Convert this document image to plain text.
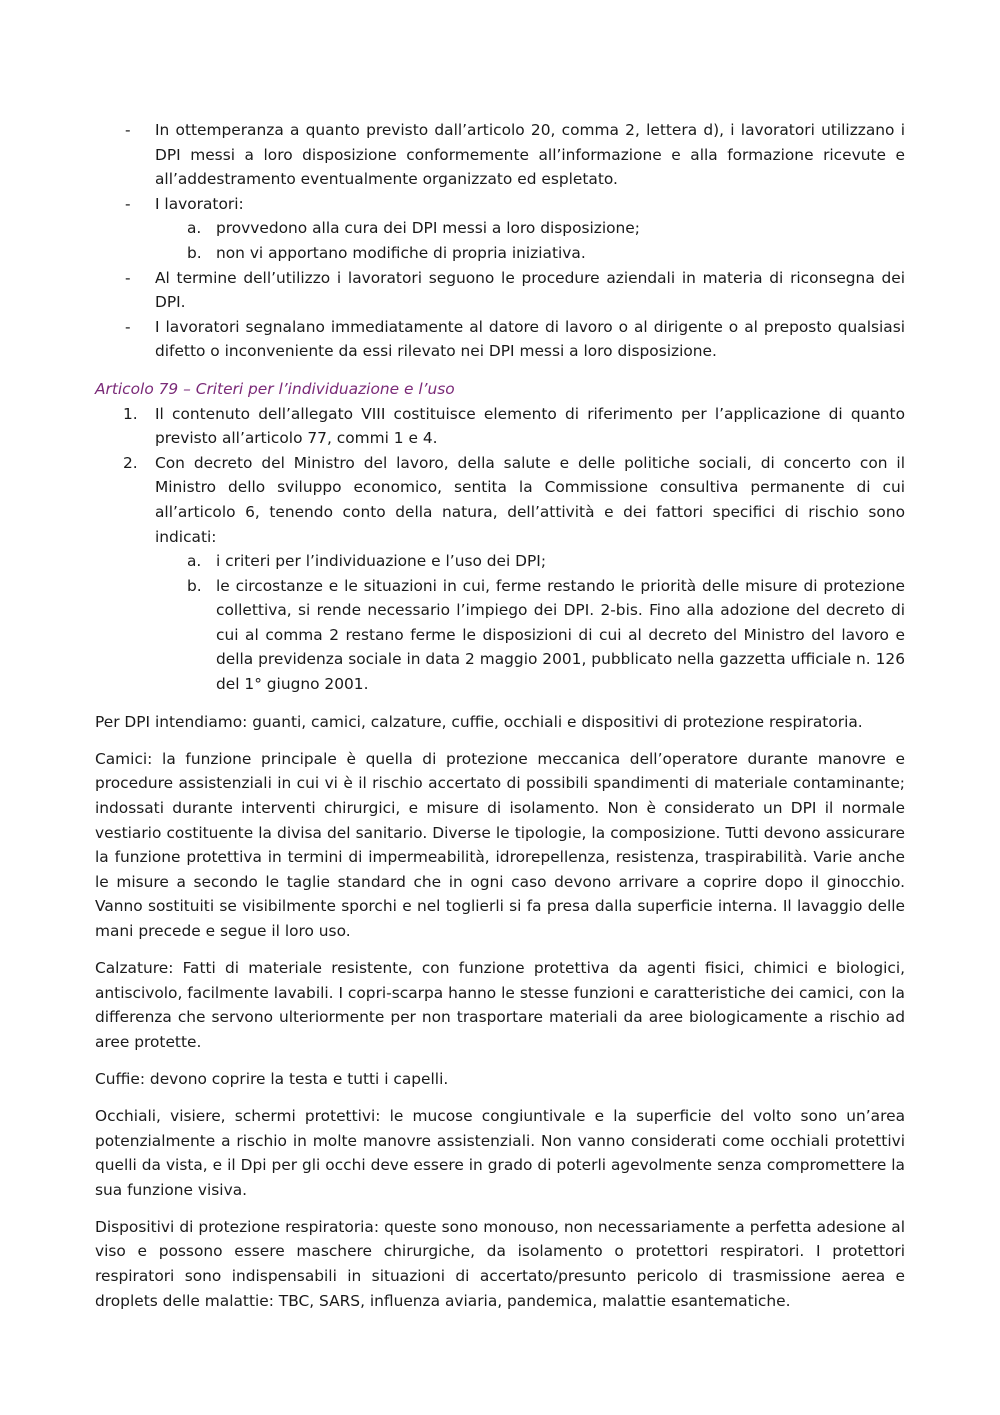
- In ottemperanza a quanto previsto dall’articolo 20, comma 2, lettera d), i lavoratori utilizzano i DPI messi a loro disposizione conformemente all’informazione e alla formazione ricevute e all’addestramento eventualmente organizzato ed espletato.
- I lavoratori:
a. provvedono alla cura dei DPI messi a loro disposizione;
b. non vi apportano modifiche di propria iniziativa.
- Al termine dell’utilizzo i lavoratori seguono le procedure aziendali in materia di riconsegna dei DPI.
- I lavoratori segnalano immediatamente al datore di lavoro o al dirigente o al preposto qualsiasi difetto o inconveniente da essi rilevato nei DPI messi a loro disposizione.
Articolo 79 – Criteri per l’individuazione e l’uso
1. Il contenuto dell’allegato VIII costituisce elemento di riferimento per l’applicazione di quanto previsto all’articolo 77, commi 1 e 4.
2. Con decreto del Ministro del lavoro, della salute e delle politiche sociali, di concerto con il Ministro dello sviluppo economico, sentita la Commissione consultiva permanente di cui all’articolo 6, tenendo conto della natura, dell’attività e dei fattori specifici di rischio sono indicati:
a. i criteri per l’individuazione e l’uso dei DPI;
b. le circostanze e le situazioni in cui, ferme restando le priorità delle misure di protezione collettiva, si rende necessario l’impiego dei DPI. 2-bis. Fino alla adozione del decreto di cui al comma 2 restano ferme le disposizioni di cui al decreto del Ministro del lavoro e della previdenza sociale in data 2 maggio 2001, pubblicato nella gazzetta ufficiale n. 126 del 1° giugno 2001.

Per DPI intendiamo: guanti, camici, calzature, cuffie, occhiali e dispositivi di protezione respiratoria.

Camici: la funzione principale è quella di protezione meccanica dell’operatore durante manovre e procedure assistenziali in cui vi è il rischio accertato di possibili spandimenti di materiale contaminante; indossati durante interventi chirurgici, e misure di isolamento. Non è considerato un DPI il normale vestiario costituente la divisa del sanitario. Diverse le tipologie, la composizione. Tutti devono assicurare la funzione protettiva in termini di impermeabilità, idrorepellenza, resistenza, traspirabilità. Varie anche le misure a secondo le taglie standard che in ogni caso devono arrivare a coprire dopo il ginocchio. Vanno sostituiti se visibilmente sporchi e nel toglierli si fa presa dalla superficie interna. Il lavaggio delle mani precede e segue il loro uso.

Calzature: Fatti di materiale resistente, con funzione protettiva da agenti fisici, chimici e biologici, antiscivolo, facilmente lavabili. I copri-scarpa hanno le stesse funzioni e caratteristiche dei camici, con la differenza che servono ulteriormente per non trasportare materiali da aree biologicamente a rischio ad aree protette.

Cuffie: devono coprire la testa e tutti i capelli.

Occhiali, visiere, schermi protettivi: le mucose congiuntivale e la superficie del volto sono un’area potenzialmente a rischio in molte manovre assistenziali. Non vanno considerati come occhiali protettivi quelli da vista, e il Dpi per gli occhi deve essere in grado di poterli agevolmente senza compromettere la sua funzione visiva.

Dispositivi di protezione respiratoria: queste sono monouso, non necessariamente a perfetta adesione al viso e possono essere maschere chirurgiche, da isolamento o protettori respiratori. I protettori respiratori sono indispensabili in situazioni di accertato/presunto pericolo di trasmissione aerea e droplets delle malattie: TBC, SARS, influenza aviaria, pandemica, malattie esantematiche.
